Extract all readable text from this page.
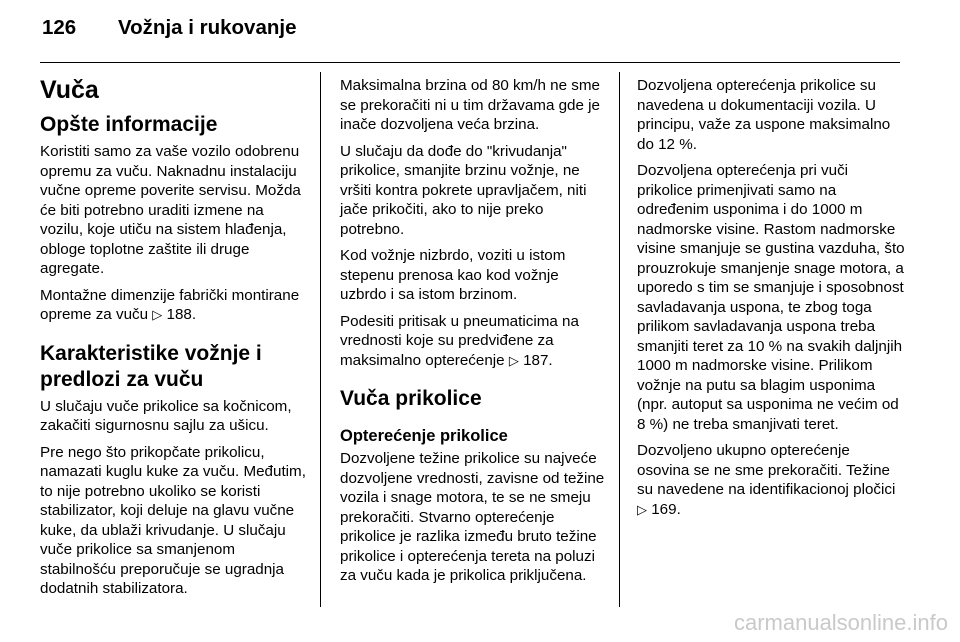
126	Vožnja i rukovanje
Vuča
Opšte informacije

Koristiti samo za vaše vozilo odobrenu opremu za vuču. Naknadnu instalaciju vučne opreme poverite servisu. Možda će biti potrebno uraditi izmene na vozilu, koje utiču na sistem hlađenja, obloge toplotne zaštite ili druge agregate.

Montažne dimenzije fabrički montirane opreme za vuču ▷ 188.

Karakteristike vožnje i predlozi za vuču

U slučaju vuče prikolice sa kočnicom, zakačiti sigurnosnu sajlu za ušicu.

Pre nego što prikopčate prikolicu, namazati kuglu kuke za vuču. Međutim, to nije potrebno ukoliko se koristi stabilizator, koji deluje na glavu vučne kuke, da ublaži krivudanje. U slučaju vuče prikolice sa smanjenom stabilnošću preporučuje se ugradnja dodatnih stabilizatora.

Maksimalna brzina od 80 km/h ne sme se prekoračiti ni u tim državama gde je inače dozvoljena veća brzina.

U slučaju da dođe do "krivudanja" prikolice, smanjite brzinu vožnje, ne vršiti kontra pokrete upravljačem, niti jače prikočiti, ako to nije preko potrebno.

Kod vožnje nizbrdo, voziti u istom stepenu prenosa kao kod vožnje uzbrdo i sa istom brzinom.

Podesiti pritisak u pneumaticima na vrednosti koje su predviđene za maksimalno opterećenje ▷ 187.

Vuča prikolice
Opterećenje prikolice

Dozvoljene težine prikolice su najveće dozvoljene vrednosti, zavisne od težine vozila i snage motora, te se ne smeju prekoračiti. Stvarno opterećenje prikolice je razlika između bruto težine prikolice i opterećenja tereta na poluzi za vuču kada je prikolica priključena.

Dozvoljena opterećenja prikolice su navedena u dokumentaciji vozila. U principu, važe za uspone maksimalno do 12 %.

Dozvoljena opterećenja pri vuči prikolice primenjivati samo na određenim usponima i do 1000 m nadmorske visine. Rastom nadmorske visine smanjuje se gustina vazduha, što prouzrokuje smanjenje snage motora, a uporedo s tim se smanjuje i sposobnost savladavanja uspona, te zbog toga prilikom savladavanja uspona treba smanjiti teret za 10 % na svakih daljnjih 1000 m nadmorske visine. Prilikom vožnje na putu sa blagim usponima (npr. autoput sa usponima ne većim od 8 %) ne treba smanjivati teret.

Dozvoljeno ukupno opterećenje osovina se ne sme prekoračiti. Težine su navedene na identifikacionoj pločici ▷ 169.

carmanualsonline.info
